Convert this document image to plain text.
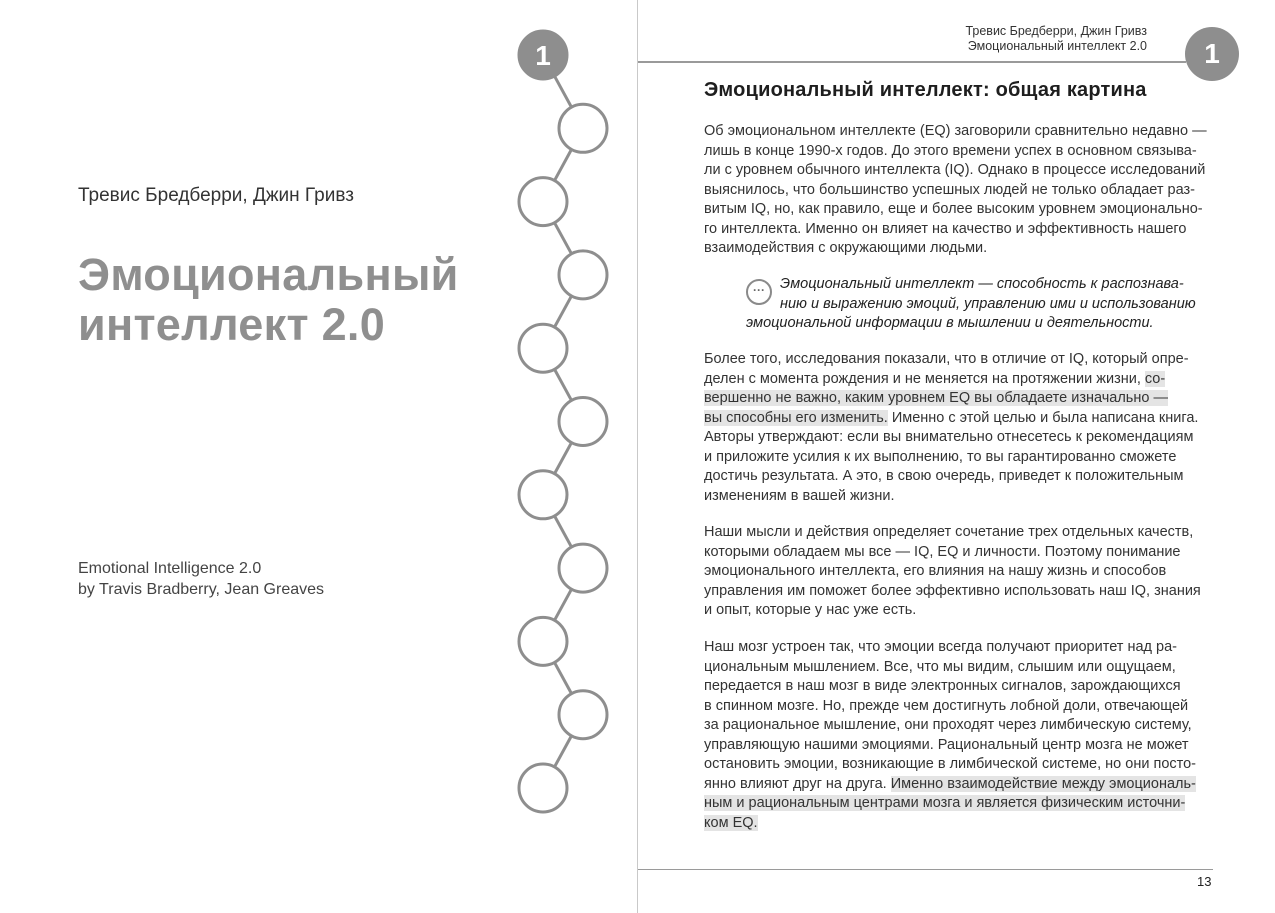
1
Тревис Бредберри, Джин Гривз
Эмоциональный
интеллект 2.0
Emotional Intelligence 2.0
by Travis Bradberry, Jean Greaves
Тревис Бредберри, Джин Гривз
Эмоциональный интеллект 2.0	1
Эмоциональный интеллект: общая картина
Об эмоциональном интеллекте (EQ) заговорили сравнительно недавно —
лишь в конце 1990-х годов. До этого времени успех в основном связыва-
ли с уровнем обычного интеллекта (IQ). Однако в процессе исследований
выяснилось, что большинство успешных людей не только обладает раз-
витым IQ, но, как правило, еще и более высоким уровнем эмоционально-
го интеллекта. Именно он влияет на качество и эффективность нашего
взаимодействия с окружающими людьми.
···	Эмоциональный интеллект — способность к распознава-
нию и выражению эмоций, управлению ими и использованию
эмоциональной информации в мышлении и деятельности.
Более того, исследования показали, что в отличие от IQ, который опре-
делен с момента рождения и не меняется на протяжении жизни, со-
вершенно не важно, каким уровнем EQ вы обладаете изначально —
вы способны его изменить. Именно с этой целью и была написана книга.
Авторы утверждают: если вы внимательно отнесетесь к рекомендациям
и приложите усилия к их выполнению, то вы гарантированно сможете
достичь результата. А это, в свою очередь, приведет к положительным
изменениям в вашей жизни.
Наши мысли и действия определяет сочетание трех отдельных качеств,
которыми обладаем мы все — IQ, EQ и личности. Поэтому понимание
эмоционального интеллекта, его влияния на нашу жизнь и способов
управления им поможет более эффективно использовать наш IQ, знания
и опыт, которые у нас уже есть.
Наш мозг устроен так, что эмоции всегда получают приоритет над ра-
циональным мышлением. Все, что мы видим, слышим или ощущаем,
передается в наш мозг в виде электронных сигналов, зарождающихся
в спинном мозге. Но, прежде чем достигнуть лобной доли, отвечающей
за рациональное мышление, они проходят через лимбическую систему,
управляющую нашими эмоциями. Рациональный центр мозга не может
остановить эмоции, возникающие в лимбической системе, но они посто-
янно влияют друг на друга. Именно взаимодействие между эмоциональ-
ным и рациональным центрами мозга и является физическим источни-
ком EQ.
13
